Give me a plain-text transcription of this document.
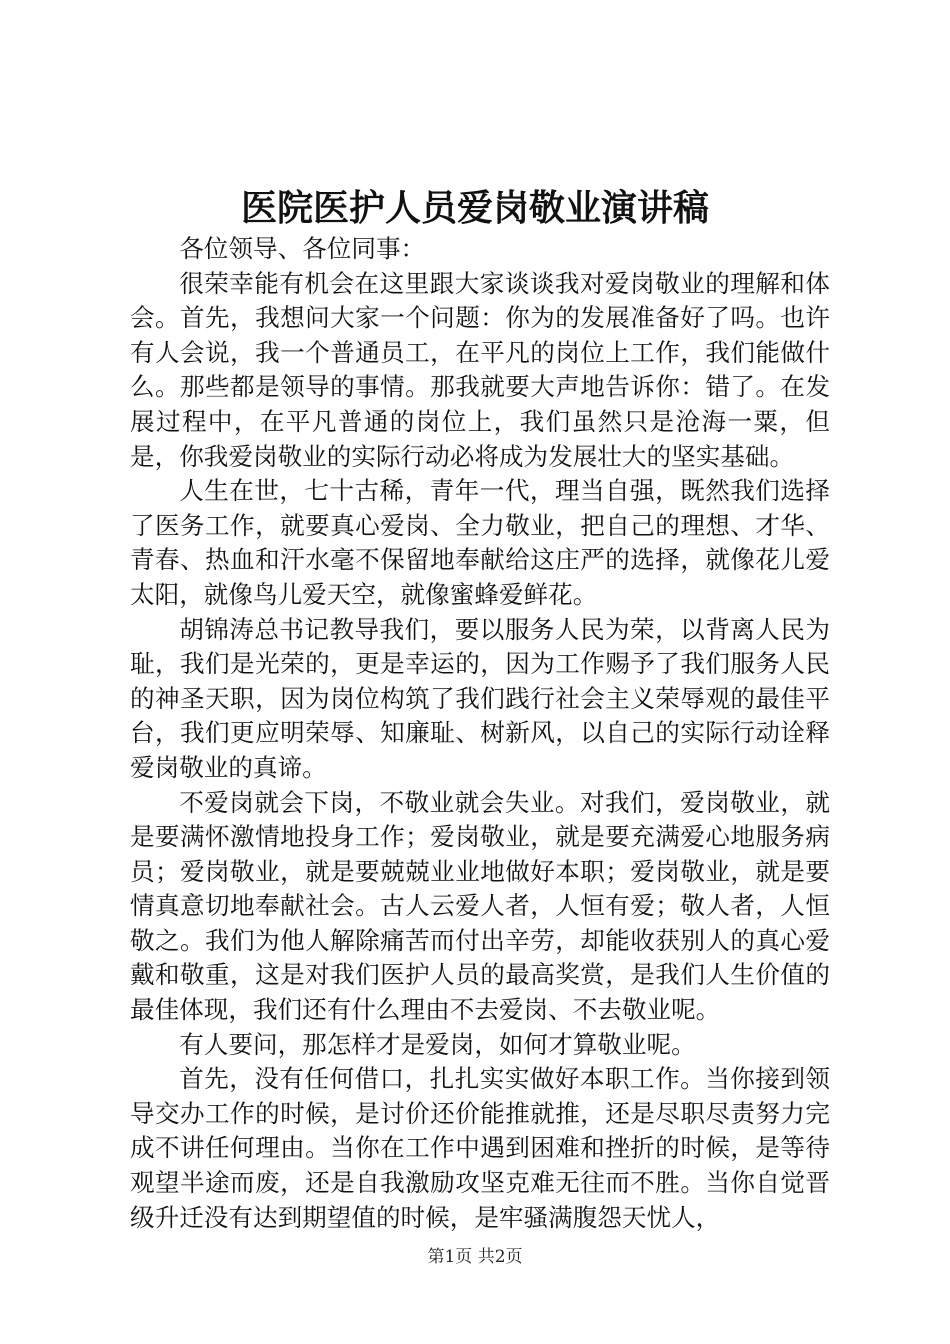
医院医护人员爱岗敬业演讲稿

各位领导、各位同事：

很荣幸能有机会在这里跟大家谈谈我对爱岗敬业的理解和体会。首先，我想问大家一个问题：你为的发展准备好了吗。也许有人会说，我一个普通员工，在平凡的岗位上工作，我们能做什么。那些都是领导的事情。那我就要大声地告诉你：错了。在发展过程中，在平凡普通的岗位上，我们虽然只是沧海一粟，但是，你我爱岗敬业的实际行动必将成为发展壮大的坚实基础。

人生在世，七十古稀，青年一代，理当自强，既然我们选择了医务工作，就要真心爱岗、全力敬业，把自己的理想、才华、青春、热血和汗水毫不保留地奉献给这庄严的选择，就像花儿爱太阳，就像鸟儿爱天空，就像蜜蜂爱鲜花。

胡锦涛总书记教导我们，要以服务人民为荣，以背离人民为耻，我们是光荣的，更是幸运的，因为工作赐予了我们服务人民的神圣天职，因为岗位构筑了我们践行社会主义荣辱观的最佳平台，我们更应明荣辱、知廉耻、树新风，以自己的实际行动诠释爱岗敬业的真谛。

不爱岗就会下岗，不敬业就会失业。对我们，爱岗敬业，就是要满怀激情地投身工作；爱岗敬业，就是要充满爱心地服务病员；爱岗敬业，就是要兢兢业业地做好本职；爱岗敬业，就是要情真意切地奉献社会。古人云爱人者，人恒有爱；敬人者，人恒敬之。我们为他人解除痛苦而付出辛劳，却能收获别人的真心爱戴和敬重，这是对我们医护人员的最高奖赏，是我们人生价值的最佳体现，我们还有什么理由不去爱岗、不去敬业呢。

有人要问，那怎样才是爱岗，如何才算敬业呢。

首先，没有任何借口，扎扎实实做好本职工作。当你接到领导交办工作的时候，是讨价还价能推就推，还是尽职尽责努力完成不讲任何理由。当你在工作中遇到困难和挫折的时候，是等待观望半途而废，还是自我激励攻坚克难无往而不胜。当你自觉晋级升迁没有达到期望值的时候，是牢骚满腹怨天忧人，

第1页 共2页
